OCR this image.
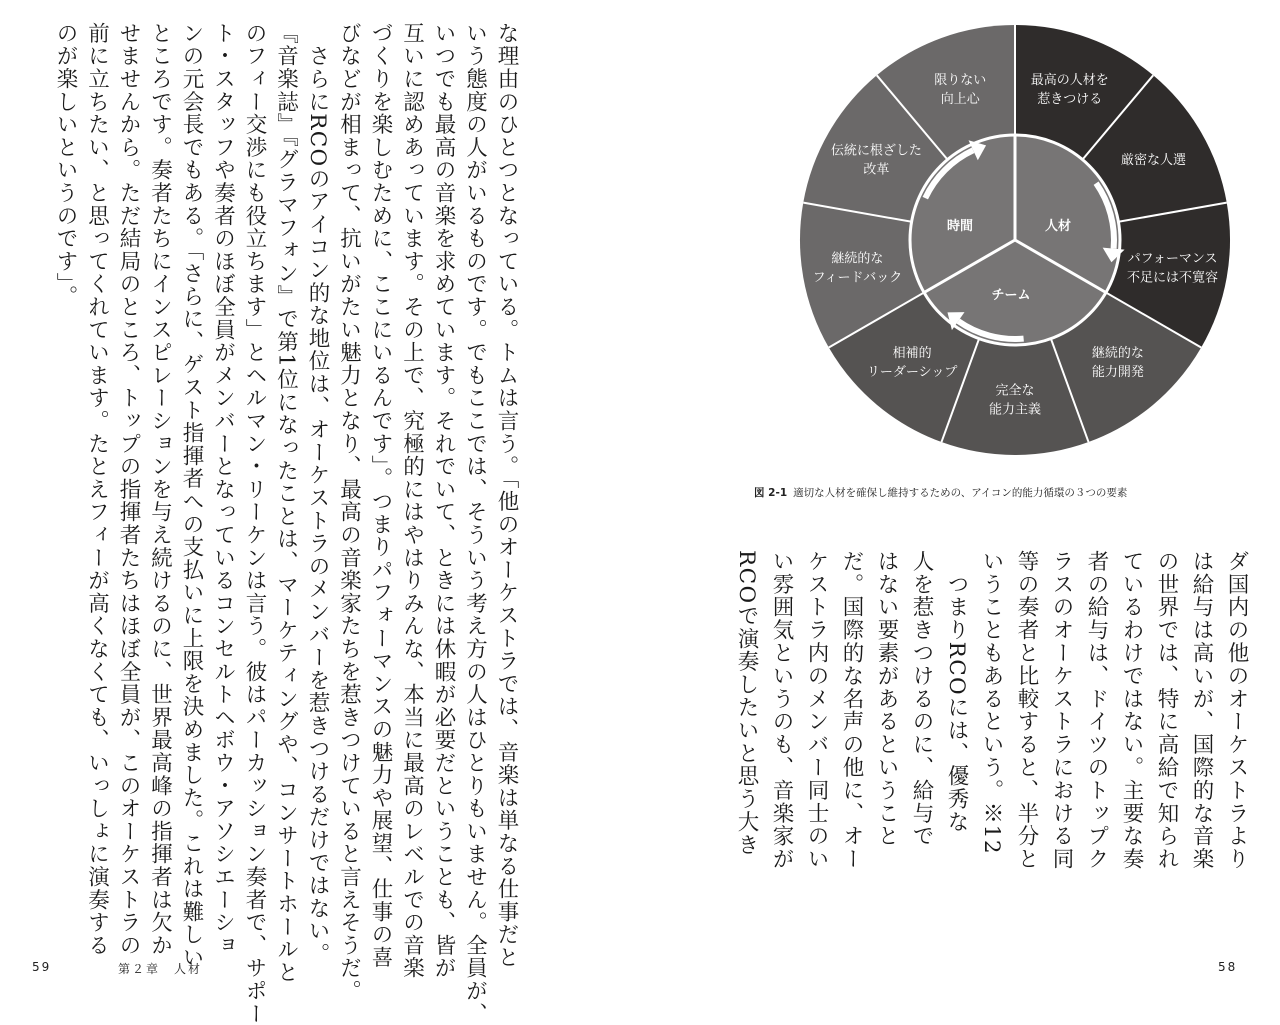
な理由のひとつとなっている。トムは言う。「他のオーケストラでは、音楽は単なる仕事だと
いう態度の人がいるものです。でもここでは、そういう考え方の人はひとりもいません。全員が、
いつでも最高の音楽を求めています。それでいて、ときには休暇が必要だということも、皆が
互いに認めあっています。その上で、究極的にはやはりみんな、本当に最高のレベルでの音楽
づくりを楽しむために、ここにいるんです」。つまりパフォーマンスの魅力や展望、仕事の喜
びなどが相まって、抗いがたい魅力となり、最高の音楽家たちを惹きつけていると言えそうだ。
　さらにRCOのアイコン的な地位は、オーケストラのメンバーを惹きつけるだけではない。
『音楽誌』『グラマフォン』で第1位になったことは、マーケティングや、コンサートホールと
のフィー交渉にも役立ちます」とヘルマン・リーケンは言う。彼はパーカッション奏者で、サポー
ト・スタッフや奏者のほぼ全員がメンバーとなっているコンセルトヘボウ・アソシエーショ
ンの元会長でもある。「さらに、ゲスト指揮者への支払いに上限を決めました。これは難しい
ところです。奏者たちにインスピレーションを与え続けるのに、世界最高峰の指揮者は欠か
せませんから。ただ結局のところ、トップの指揮者たちはほぼ全員が、このオーケストラの
前に立ちたい、と思ってくれています。たとえフィーが高くなくても、いっしょに演奏する
のが楽しいというのです」。	最高の人材を惹きつける
厳密な人選
パフォーマンス不足には不寛容
継続的な能力開発
完全な能力主義
相補的リーダーシップ
継続的なフィードバック
伝統に根ざした改革
限りない向上心
時間	人材
チーム
図 2-1 適切な人材を確保し維持するための、アイコン的能力循環の３つの要素
ダ国内の他のオーケストラより
は給与は高いが、国際的な音楽
の世界では、特に高給で知られ
ているわけではない。主要な奏
者の給与は、ドイツのトップク
ラスのオーケストラにおける同
等の奏者と比較すると、半分と
いうこともあるという。※12
　つまりRCOには、優秀な
人を惹きつけるのに、給与で
はない要素があるということ
だ。国際的な名声の他に、オー
ケストラ内のメンバー同士のい
い雰囲気というのも、音楽家が
RCOで演奏したいと思う大き
59	第２章　人材	58
